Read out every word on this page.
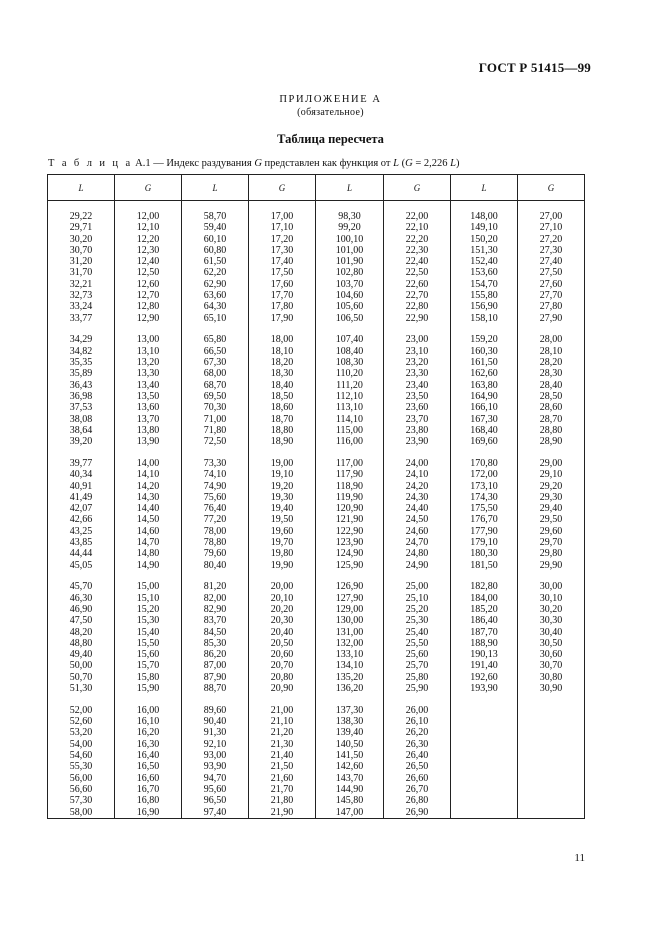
ГОСТ Р 51415—99
ПРИЛОЖЕНИЕ А
(обязательное)
Таблица пересчета
Т а б л и ц а А.1 — Индекс раздувания G представлен как функция от L (G = 2,226 L)
L	G	L	G	L	G	L	G
29,22	12,00	58,70	17,00	98,30	22,00	148,00	27,00
29,71	12,10	59,40	17,10	99,20	22,10	149,10	27,10
30,20	12,20	60,10	17,20	100,10	22,20	150,20	27,20
30,70	12,30	60,80	17,30	101,00	22,30	151,30	27,30
31,20	12,40	61,50	17,40	101,90	22,40	152,40	27,40
31,70	12,50	62,20	17,50	102,80	22,50	153,60	27,50
32,21	12,60	62,90	17,60	103,70	22,60	154,70	27,60
32,73	12,70	63,60	17,70	104,60	22,70	155,80	27,70
33,24	12,80	64,30	17,80	105,60	22,80	156,90	27,80
33,77	12,90	65,10	17,90	106,50	22,90	158,10	27,90

34,29	13,00	65,80	18,00	107,40	23,00	159,20	28,00
34,82	13,10	66,50	18,10	108,40	23,10	160,30	28,10
35,35	13,20	67,30	18,20	108,30	23,20	161,50	28,20
35,89	13,30	68,00	18,30	110,20	23,30	162,60	28,30
36,43	13,40	68,70	18,40	111,20	23,40	163,80	28,40
36,98	13,50	69,50	18,50	112,10	23,50	164,90	28,50
37,53	13,60	70,30	18,60	113,10	23,60	166,10	28,60
38,08	13,70	71,00	18,70	114,10	23,70	167,30	28,70
38,64	13,80	71,80	18,80	115,00	23,80	168,40	28,80
39,20	13,90	72,50	18,90	116,00	23,90	169,60	28,90

39,77	14,00	73,30	19,00	117,00	24,00	170,80	29,00
40,34	14,10	74,10	19,10	117,90	24,10	172,00	29,10
40,91	14,20	74,90	19,20	118,90	24,20	173,10	29,20
41,49	14,30	75,60	19,30	119,90	24,30	174,30	29,30
42,07	14,40	76,40	19,40	120,90	24,40	175,50	29,40
42,66	14,50	77,20	19,50	121,90	24,50	176,70	29,50
43,25	14,60	78,00	19,60	122,90	24,60	177,90	29,60
43,85	14,70	78,80	19,70	123,90	24,70	179,10	29,70
44,44	14,80	79,60	19,80	124,90	24,80	180,30	29,80
45,05	14,90	80,40	19,90	125,90	24,90	181,50	29,90

45,70	15,00	81,20	20,00	126,90	25,00	182,80	30,00
46,30	15,10	82,00	20,10	127,90	25,10	184,00	30,10
46,90	15,20	82,90	20,20	129,00	25,20	185,20	30,20
47,50	15,30	83,70	20,30	130,00	25,30	186,40	30,30
48,20	15,40	84,50	20,40	131,00	25,40	187,70	30,40
48,80	15,50	85,30	20,50	132,00	25,50	188,90	30,50
49,40	15,60	86,20	20,60	133,10	25,60	190,13	30,60
50,00	15,70	87,00	20,70	134,10	25,70	191,40	30,70
50,70	15,80	87,90	20,80	135,20	25,80	192,60	30,80
51,30	15,90	88,70	20,90	136,20	25,90	193,90	30,90

52,00	16,00	89,60	21,00	137,30	26,00		
52,60	16,10	90,40	21,10	138,30	26,10		
53,20	16,20	91,30	21,20	139,40	26,20		
54,00	16,30	92,10	21,30	140,50	26,30		
54,60	16,40	93,00	21,40	141,50	26,40		
55,30	16,50	93,90	21,50	142,60	26,50		
56,00	16,60	94,70	21,60	143,70	26,60		
56,60	16,70	95,60	21,70	144,90	26,70		
57,30	16,80	96,50	21,80	145,80	26,80		
58,00	16,90	97,40	21,90	147,00	26,90		
11
